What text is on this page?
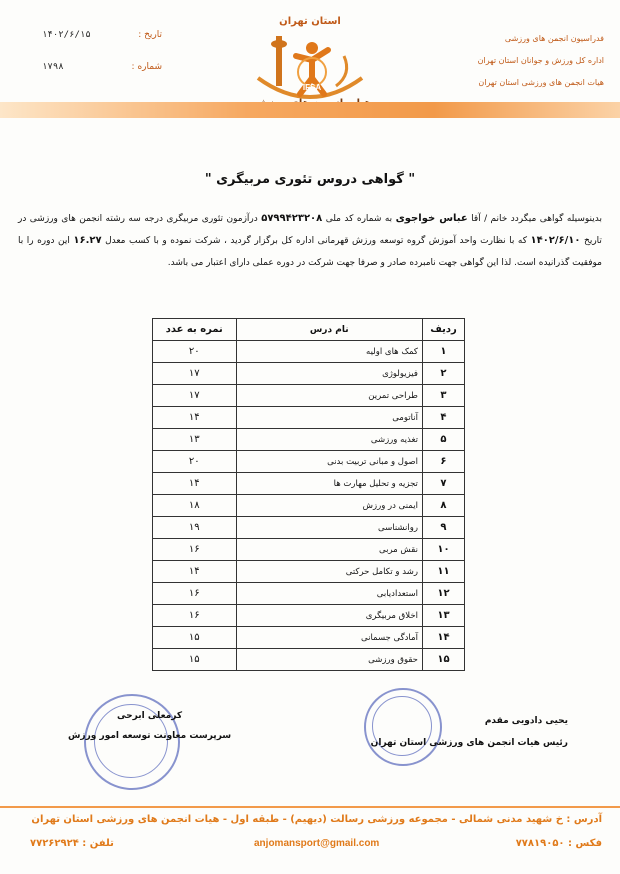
فدراسیون انجمن های ورزشی
اداره کل ورزش و جوانان استان تهران
هیات انجمن های ورزشی استان تهران
تاریخ :
۱۴۰۲/۶/۱۵
شماره :
۱۷۹۸
استان تهران
IFSA
" گواهی دروس تئوری مربیگری "
بدینوسیله گواهی میگردد خانم / آقا عباس خواجوی به شماره کد ملی ۵۷۹۹۴۲۳۲۰۸ درآزمون تئوری مربیگری درجه سه رشته انجمن های ورزشی در تاریخ ۱۴۰۲/۶/۱۰ که با نظارت واحد آموزش گروه توسعه ورزش قهرمانی اداره کل برگزار گردید ، شرکت نموده و با کسب معدل ۱۶.۲۷ این دوره را با موفقیت گذرانیده است. لذا این گواهی جهت نامبرده صادر و صرفا جهت شرکت در دوره عملی دارای اعتبار می باشد.
ردیف	نام درس	نمره به عدد
۱	کمک های اولیه	۲۰
۲	فیزیولوژی	۱۷
۳	طراحی تمرین	۱۷
۴	آناتومی	۱۴
۵	تغذیه ورزشی	۱۳
۶	اصول و مبانی تربیت بدنی	۲۰
۷	تجزیه و تحلیل مهارت ها	۱۴
۸	ایمنی در ورزش	۱۸
۹	روانشناسی	۱۹
۱۰	نقش مربی	۱۶
۱۱	رشد و تکامل حرکتی	۱۴
۱۲	استعدادیابی	۱۶
۱۳	اخلاق مربیگری	۱۶
۱۴	آمادگی جسمانی	۱۵
۱۵	حقوق ورزشی	۱۵
یحیی دادویی مقدم
رئیس هیات انجمن های ورزشی استان تهران
کرمعلی ابرحی
سرپرست معاونت توسعه امور ورزش
آدرس : خ شهید مدنی شمالی - مجموعه ورزشی رسالت (دیهیم) - طبقه اول - هیات انجمن های ورزشی استان تهران
فکس : ۷۷۸۱۹۰۵۰
anjomansport@gmail.com
تلفن : ۷۷۲۶۲۹۲۴
